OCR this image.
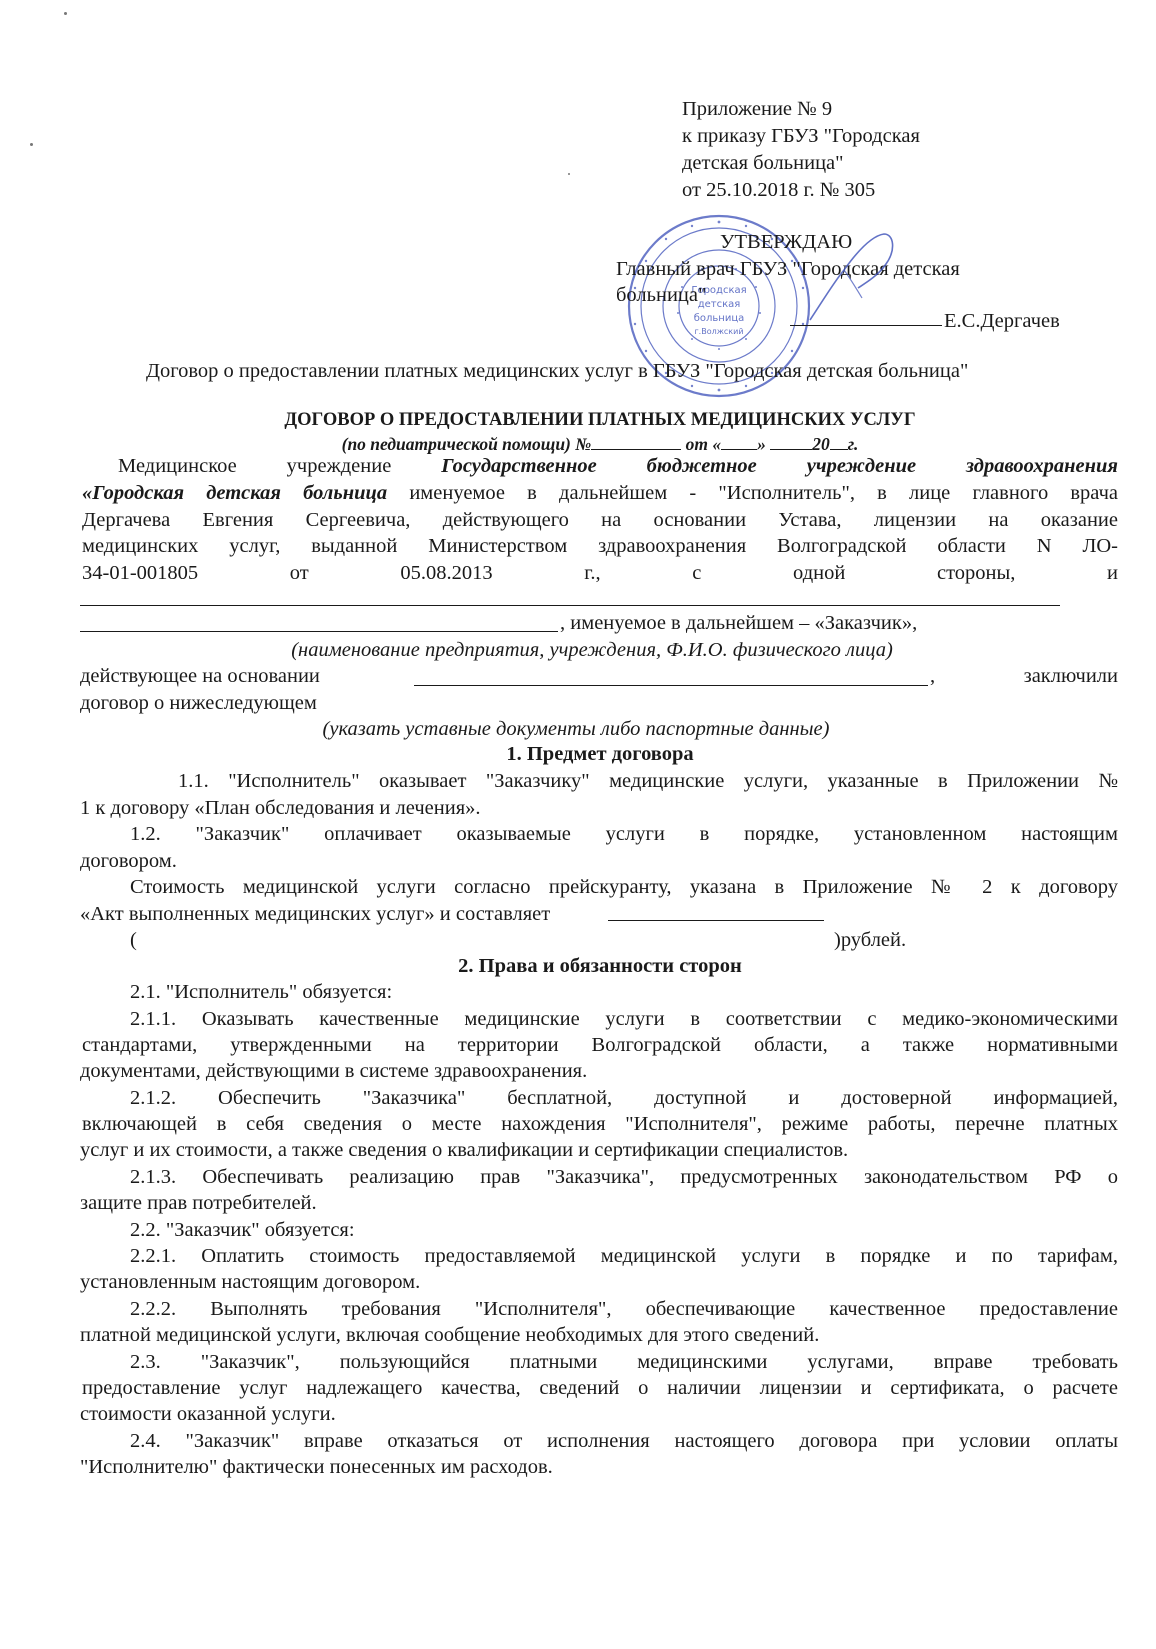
Приложение № 9
к приказу ГБУЗ "Городская
детская больница"
от 25.10.2018 г. № 305
Городская
детская
больница
г.Волжский
УТВЕРЖДАЮ
Главный врач ГБУЗ "Городская детская
больница"
Е.С.Дергачев
Договор о предоставлении платных медицинских услуг в ГБУЗ "Городская детская больница"
ДОГОВОР О ПРЕДОСТАВЛЕНИИ ПЛАТНЫХ МЕДИЦИНСКИХ УСЛУГ
(по педиатрической помощи) №	от « »	20 г.
Медицинское учреждение Государственное бюджетное учреждение здравоохранения
«Городская детская больница именуемое в дальнейшем - "Исполнитель", в лице главного врача
Дергачева Евгения Сергеевича, действующего на основании Устава, лицензии на оказание
медицинских услуг, выданной Министерством здравоохранения Волгоградской области N ЛО-
34-01-001805 от 05.08.2013 г., с одной стороны, и
, именуемое в дальнейшем – «Заказчик»,
(наименование предприятия, учреждения, Ф.И.О. физического лица)
действующее на основании	, заключили
договор о нижеследующем
(указать уставные документы либо паспортные данные)
1. Предмет договора
1.1. "Исполнитель" оказывает "Заказчику" медицинские услуги, указанные в Приложении №
1 к договору «План обследования и лечения».
1.2. "Заказчик" оплачивает оказываемые услуги в порядке, установленном настоящим
договором.
Стоимость медицинской услуги согласно прейскуранту, указана в Приложение № 2 к договору
«Акт выполненных медицинских услуг» и составляет
(	)рублей.
2. Права и обязанности сторон
2.1. "Исполнитель" обязуется:
2.1.1. Оказывать качественные медицинские услуги в соответствии с медико-экономическими
стандартами, утвержденными на территории Волгоградской области, а также нормативными
документами, действующими в системе здравоохранения.
2.1.2. Обеспечить "Заказчика" бесплатной, доступной и достоверной информацией,
включающей в себя сведения о месте нахождения "Исполнителя", режиме работы, перечне платных
услуг и их стоимости, а также сведения о квалификации и сертификации специалистов.
2.1.3. Обеспечивать реализацию прав "Заказчика", предусмотренных законодательством РФ о
защите прав потребителей.
2.2. "Заказчик" обязуется:
2.2.1. Оплатить стоимость предоставляемой медицинской услуги в порядке и по тарифам,
установленным настоящим договором.
2.2.2. Выполнять требования "Исполнителя", обеспечивающие качественное предоставление
платной медицинской услуги, включая сообщение необходимых для этого сведений.
2.3. "Заказчик", пользующийся платными медицинскими услугами, вправе требовать
предоставление услуг надлежащего качества, сведений о наличии лицензии и сертификата, о расчете
стоимости оказанной услуги.
2.4. "Заказчик" вправе отказаться от исполнения настоящего договора при условии оплаты
"Исполнителю" фактически понесенных им расходов.
